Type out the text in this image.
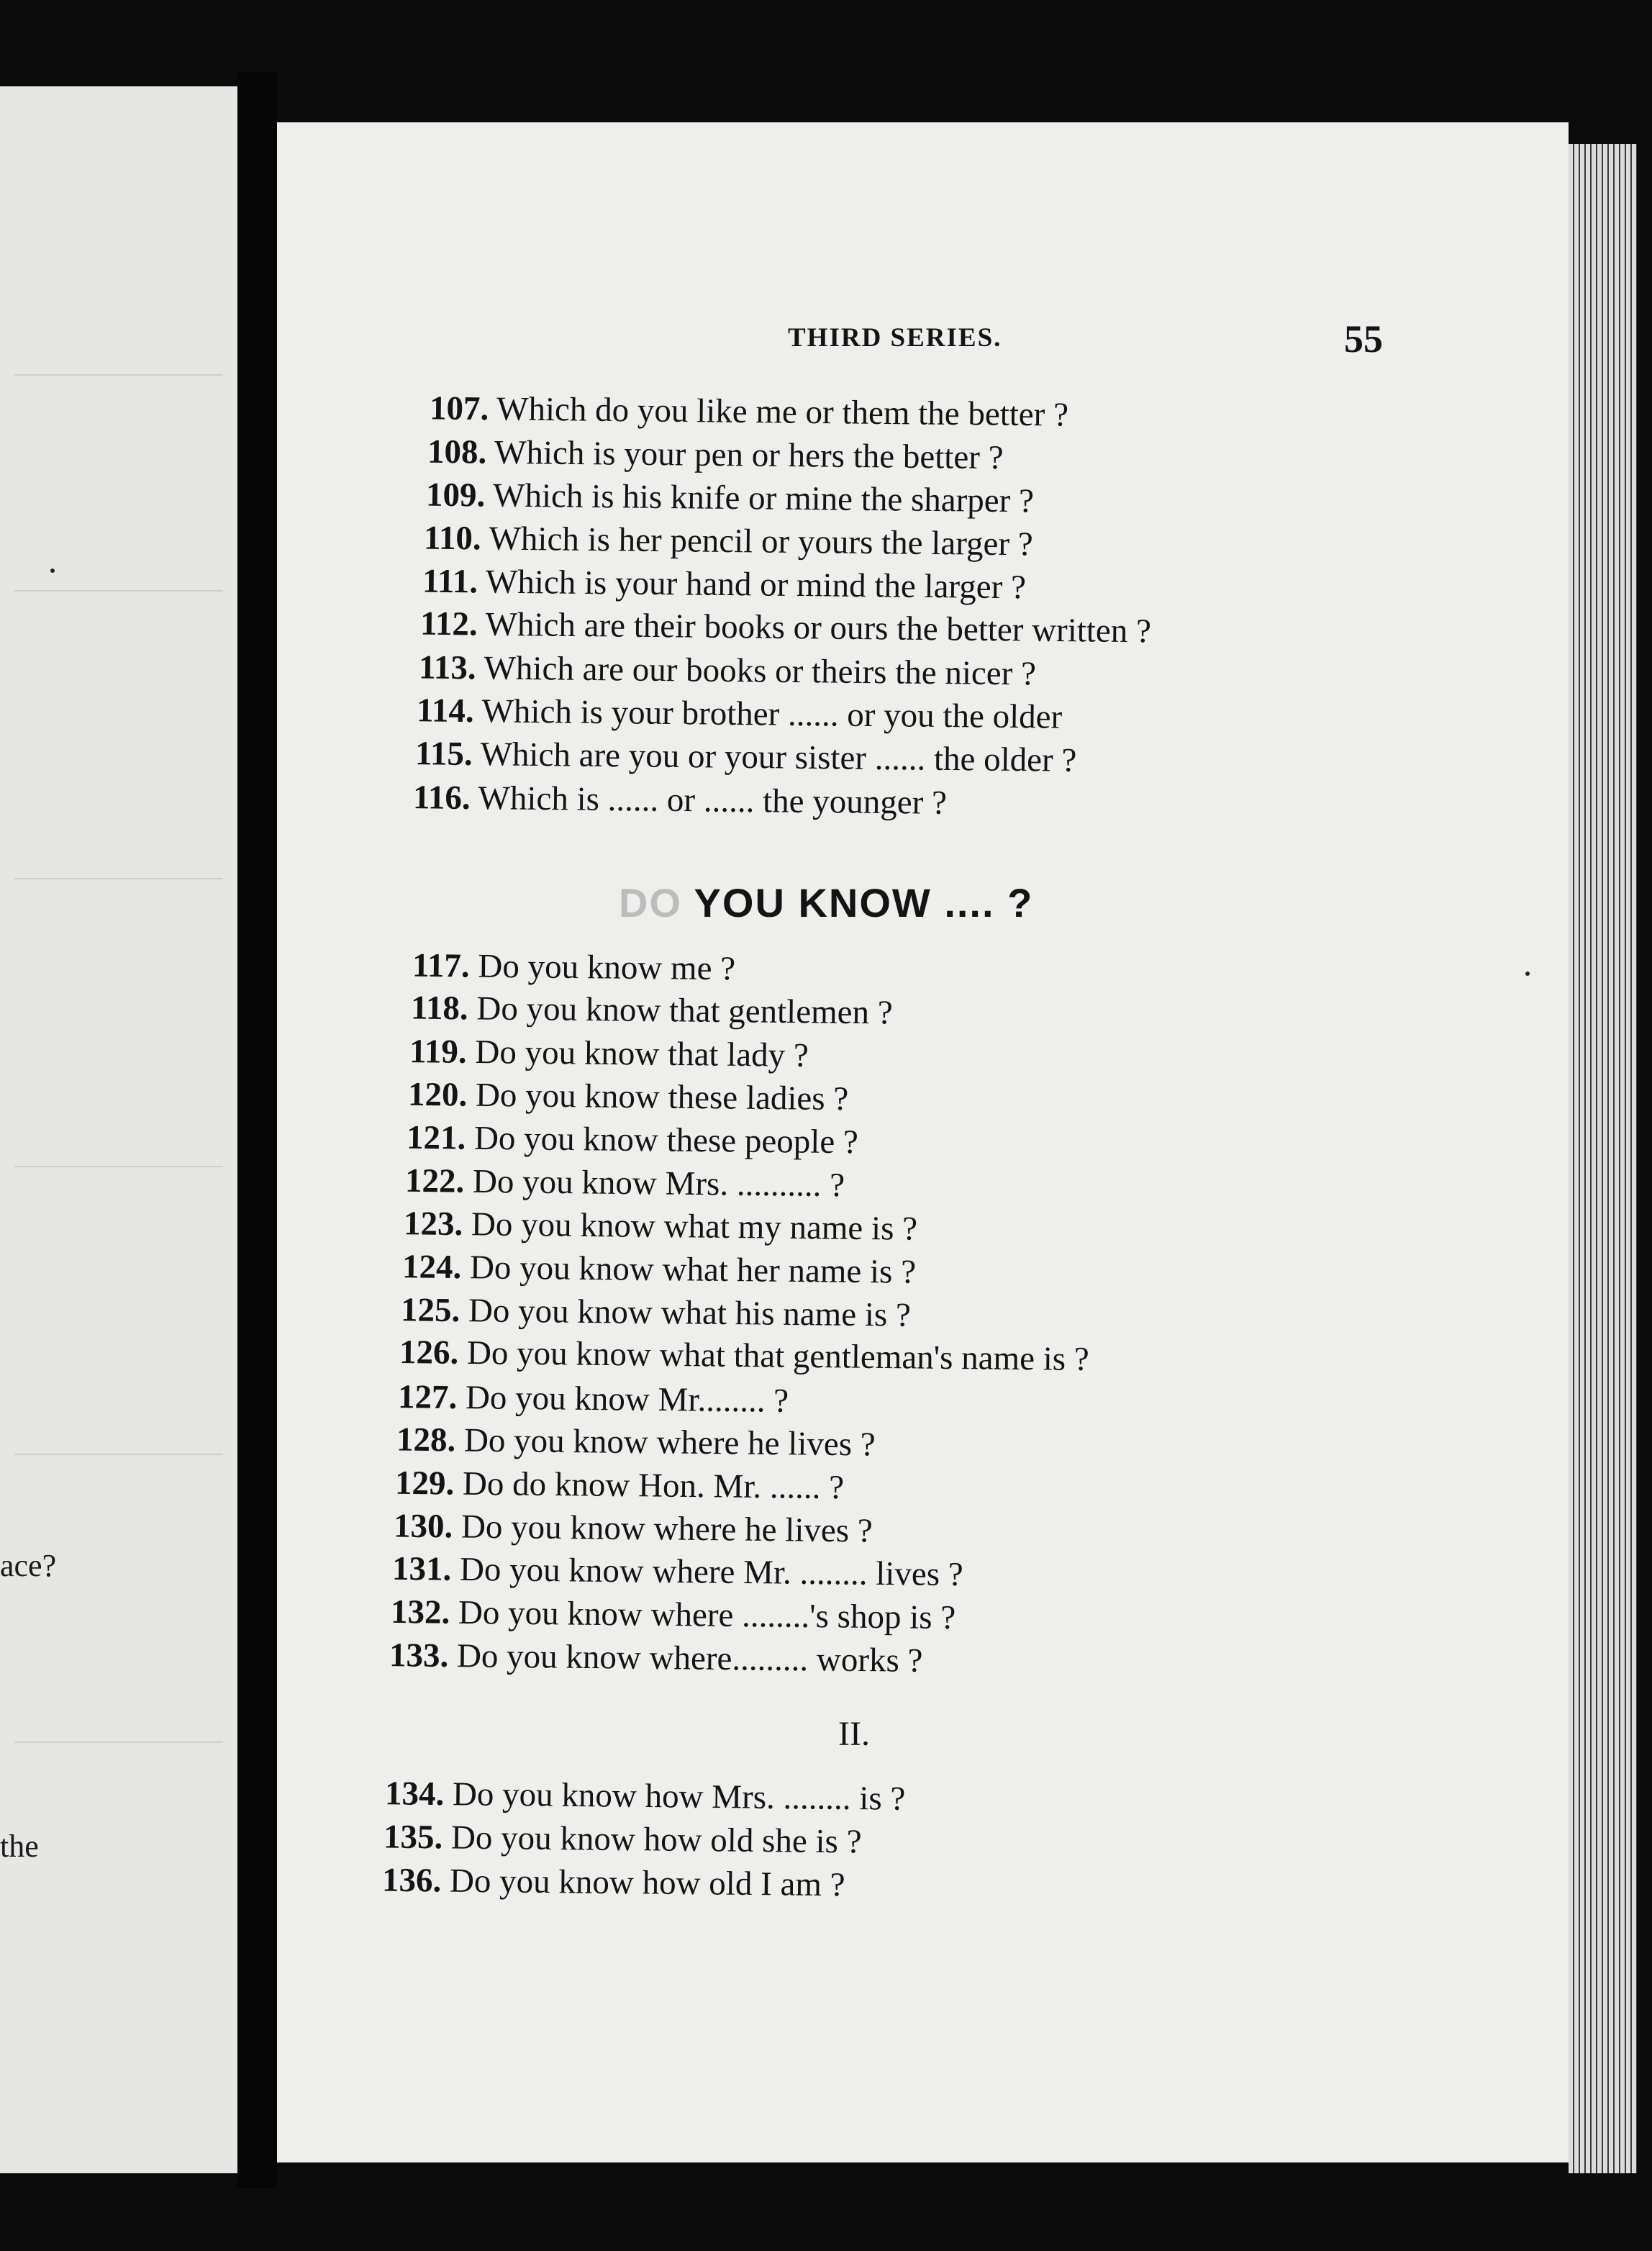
ace?
the
THIRD SERIES.	55
107. Which do you like me or them the better ?
108. Which is your pen or hers the better ?
109. Which is his knife or mine the sharper ?
110. Which is her pencil or yours the larger ?
111. Which is your hand or mind the larger ?
112. Which are their books or ours the better written ?
113. Which are our books or theirs the nicer ?
114. Which is your brother ...... or you the older
115. Which are you or your sister ...... the older ?
116. Which is ...... or ...... the younger ?
DO YOU KNOW .... ?
117. Do you know me ?
118. Do you know that gentlemen ?
119. Do you know that lady ?
120. Do you know these ladies ?
121. Do you know these people ?
122. Do you know Mrs. .......... ?
123. Do you know what my name is ?
124. Do you know what her name is ?
125. Do you know what his name is ?
126. Do you know what that gentleman's name is ?
127. Do you know Mr........ ?
128. Do you know where he lives ?
129. Do do know Hon. Mr. ...... ?
130. Do you know where he lives ?
131. Do you know where Mr. ........ lives ?
132. Do you know where ........'s shop is ?
133. Do you know where......... works ?
II.
134. Do you know how Mrs. ........ is ?
135. Do you know how old she is ?
136. Do you know how old I am ?
